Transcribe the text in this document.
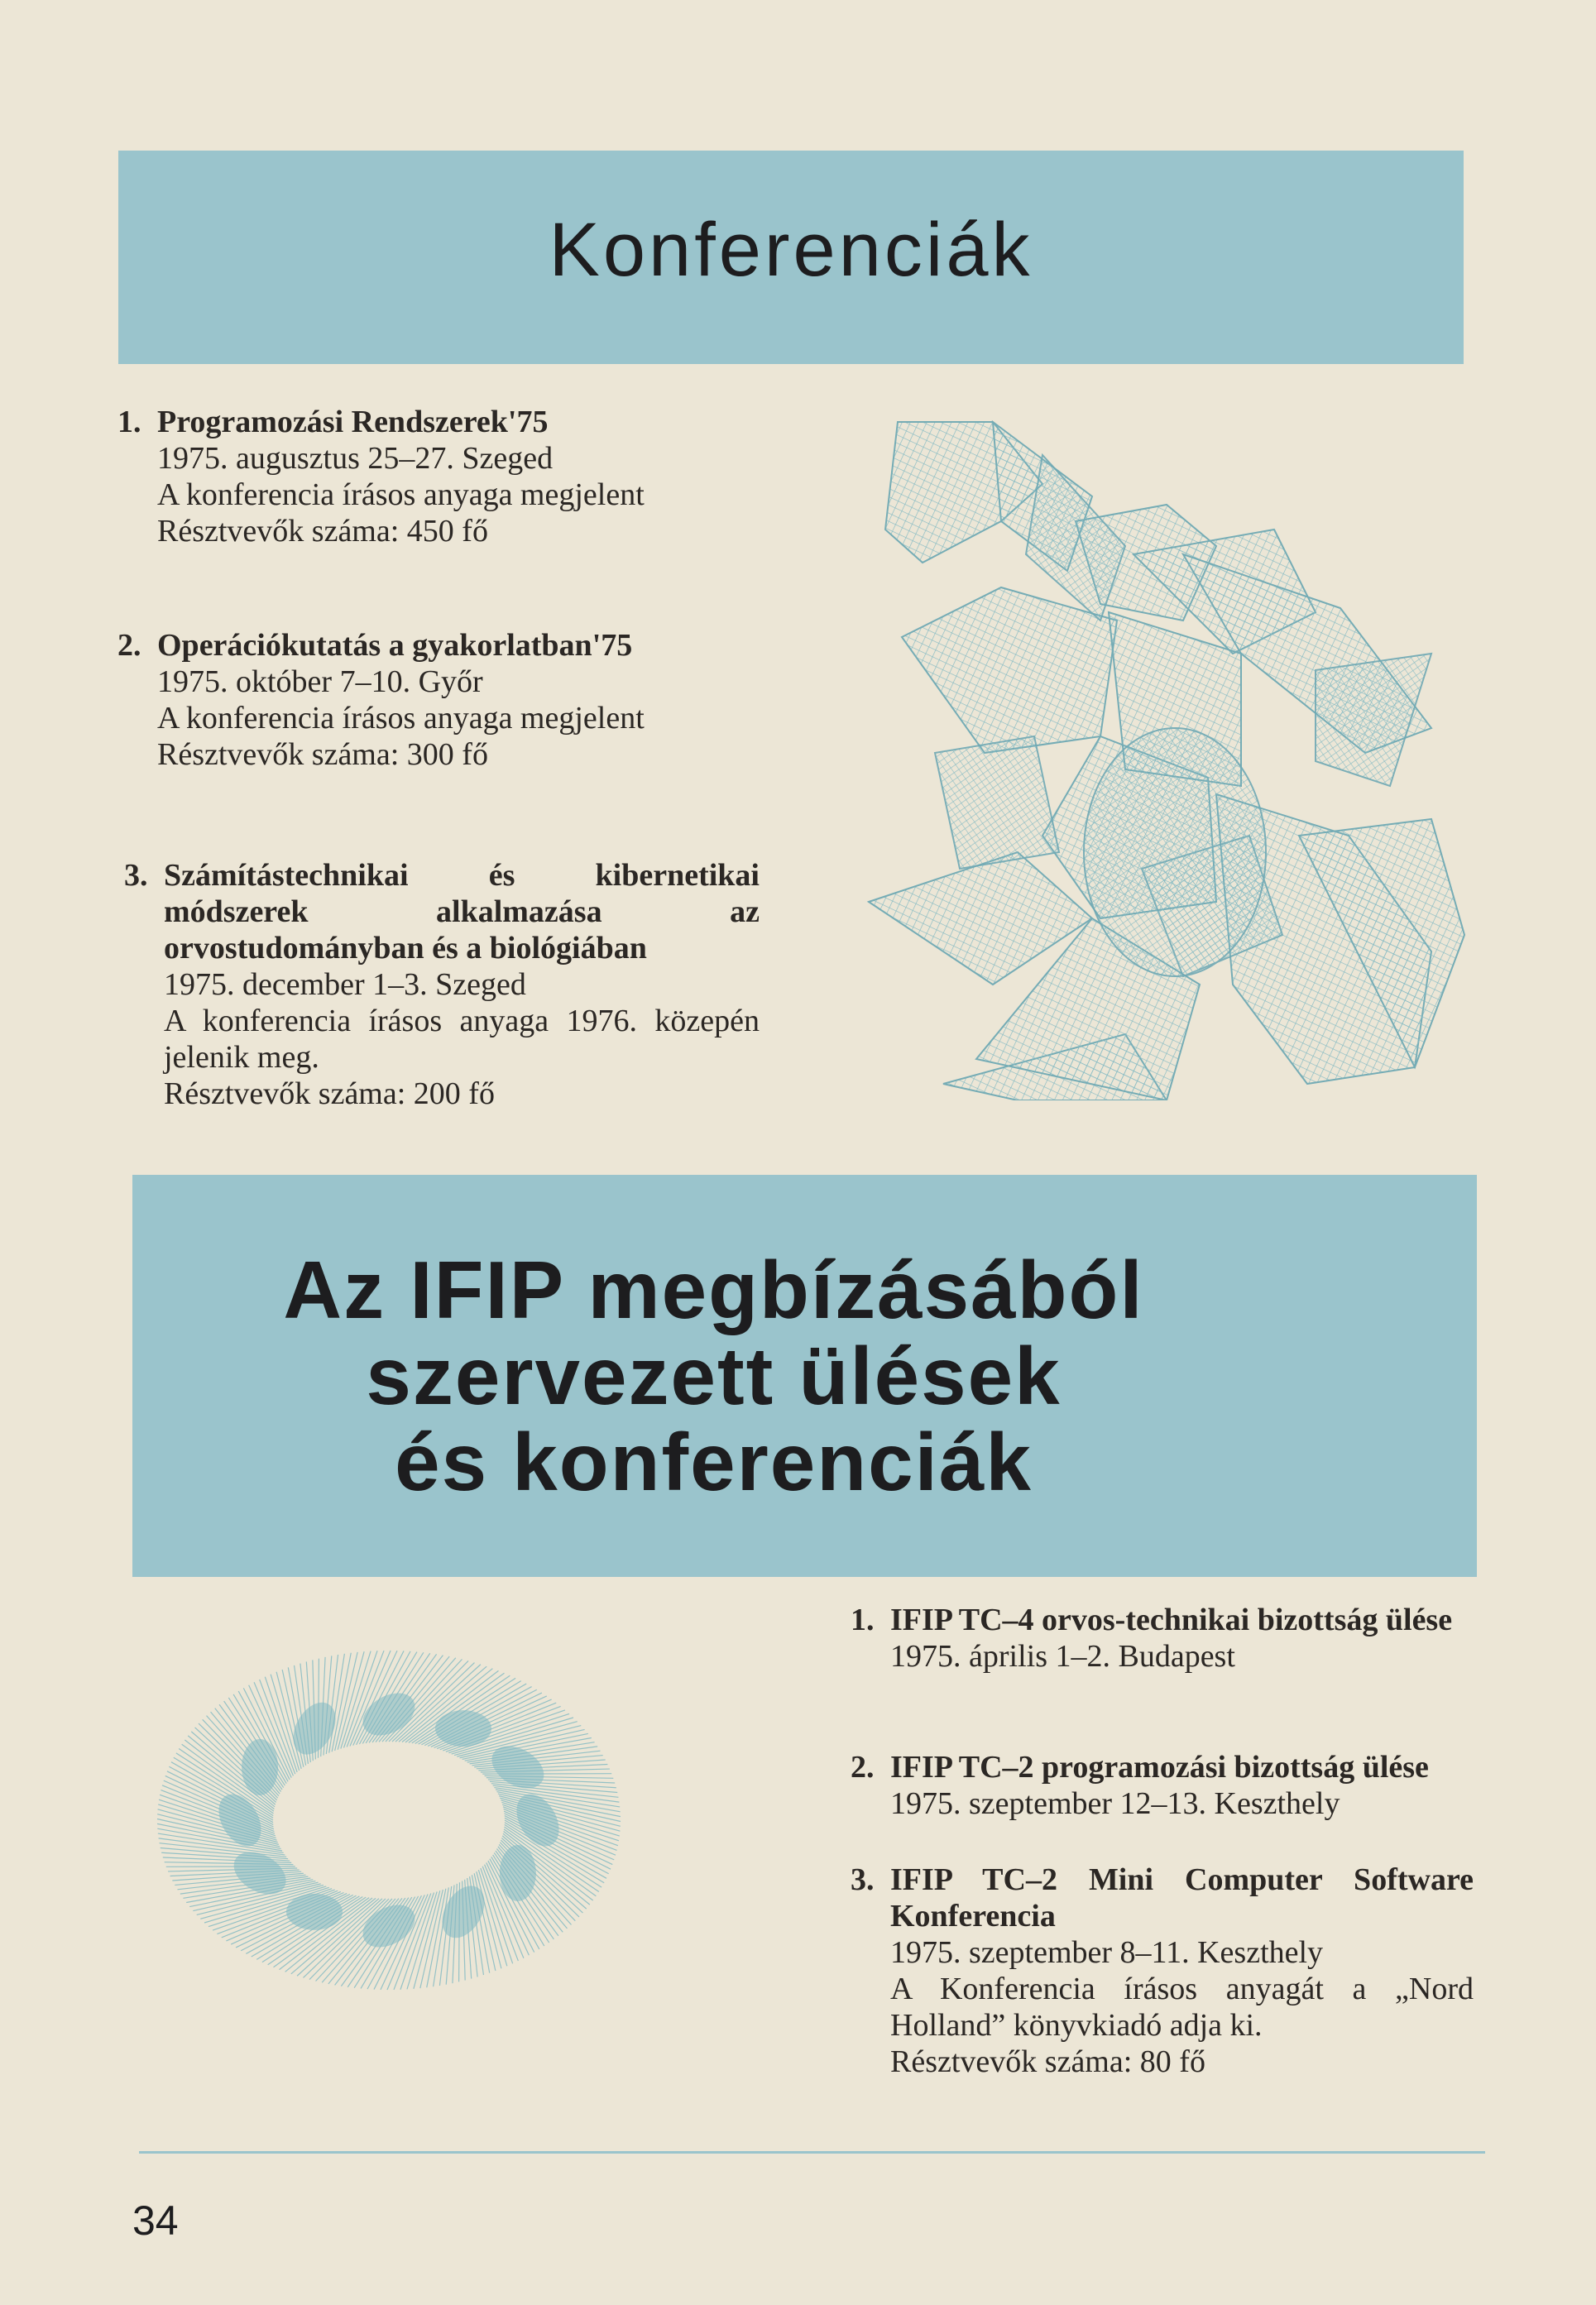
Konferenciák
1. Programozási Rendszerek'75

1975. augusztus 25–27. Szeged

A konferencia írásos anyaga megjelent

Résztvevők száma: 450 fő

2. Operációkutatás a gyakorlatban'75

1975. október 7–10. Győr

A konferencia írásos anyaga megjelent

Résztvevők száma: 300 fő

3. Számítástechnikai és kibernetikai módszerek alkalmazása az orvostudományban és a biológiában

1975. december 1–3. Szeged

A konferencia írásos anyaga 1976. közepén jelenik meg.

Résztvevők száma: 200 fő

Az IFIP megbízásából
szervezett ülések
és konferenciák
1. IFIP TC–4 orvos-technikai bizottság ülése

1975. április 1–2. Budapest

2. IFIP TC–2 programozási bizottság ülése

1975. szeptember 12–13. Keszthely

3. IFIP TC–2 Mini Computer Software Konferencia

1975. szeptember 8–11. Keszthely

A Konferencia írásos anyagát a „Nord Holland” könyvkiadó adja ki.

Résztvevők száma: 80 fő

34
